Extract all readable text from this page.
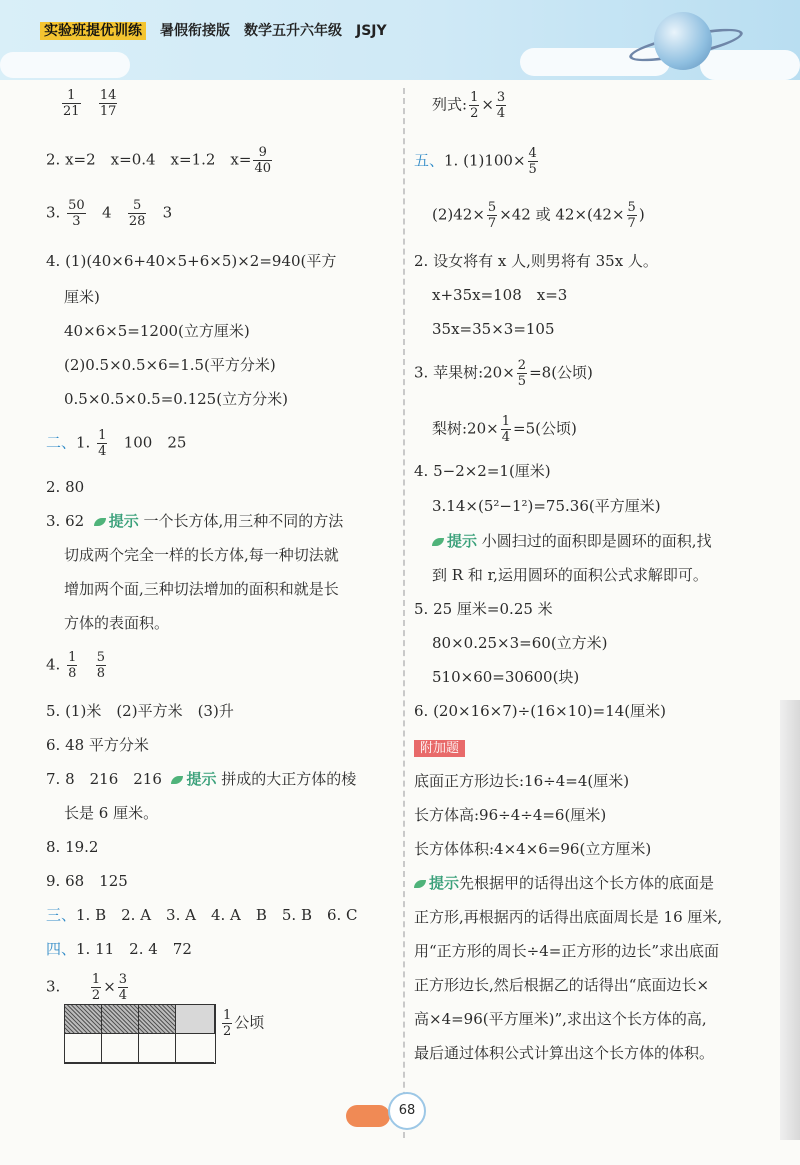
实验班提优训练 暑假衔接版 数学五升六年级 JSJY
$\frac{1}{21}$
$\frac{14}{17}$
2. x=2　x=0.4　x=1.2　$x= \frac{9}{40}$
3. $\frac{50}{3} 4 \frac{5}{28} 3$
4. (1)(40×6+40×5+6×5)×2=940(平方
厘米)
40×6×5=1200(立方厘米)
(2)0.5×0.5×6=1.5(平方分米)
0.5×0.5×0.5=0.125(立方分米)
二、1. $\frac{1}{4} 100$　25
2. 80
3. 62 提示 一个长方体,用三种不同的方法
切成两个完全一样的长方体,每一种切法就
增加两个面,三种切法增加的面积和就是长
方体的表面积。
4. $\frac{1}{8}$
$\frac{5}{8}$
5. (1)米　(2)平方米　(3)升
6. 48 平方分米
7. 8　216　216 提示 拼成的大正方体的棱
长是 6 厘米。
8. 19.2
9. 68　125
三、1. B　2. A　3. A　4. A　B　5. B　6. C
四、1. 11　2. 4　72
3. $\frac{1}{2} \times \frac{3}{4}$
$\frac{1}{2}$ 公顷
列式: $\frac{1}{2} \times \frac{3}{4}$
五、1. $(1)100\times \frac{4}{5}$
$(2)42\times \frac{5}{7} \times 42$ 或 $42\times(42\times \frac{5}{7}$ )
2. 设女将有 x 人,则男将有 35x 人。
x+35x=108　x=3
35x=35×3=105
3. 苹果树:20× $\frac{2}{5} =8$(公顷)
梨树:20× $\frac{1}{4} =5$(公顷)
4. 5−2×2=1(厘米)
3.14×(5²−1²)=75.36(平方厘米)
提示 小圆扫过的面积即是圆环的面积,找
到 R 和 r,运用圆环的面积公式求解即可。
5. 25 厘米=0.25 米
80×0.25×3=60(立方米)
510×60=30600(块)
6. (20×16×7)÷(16×10)=14(厘米)
附加题
底面正方形边长:16÷4=4(厘米)
长方体高:96÷4÷4=6(厘米)
长方体体积:4×4×6=96(立方厘米)
提示先根据甲的话得出这个长方体的底面是
正方形,再根据丙的话得出底面周长是 16 厘米,
用“正方形的周长÷4=正方形的边长”求出底面
正方形边长,然后根据乙的话得出“底面边长×
高×4=96(平方厘米)”,求出这个长方体的高,
最后通过体积公式计算出这个长方体的体积。
68
